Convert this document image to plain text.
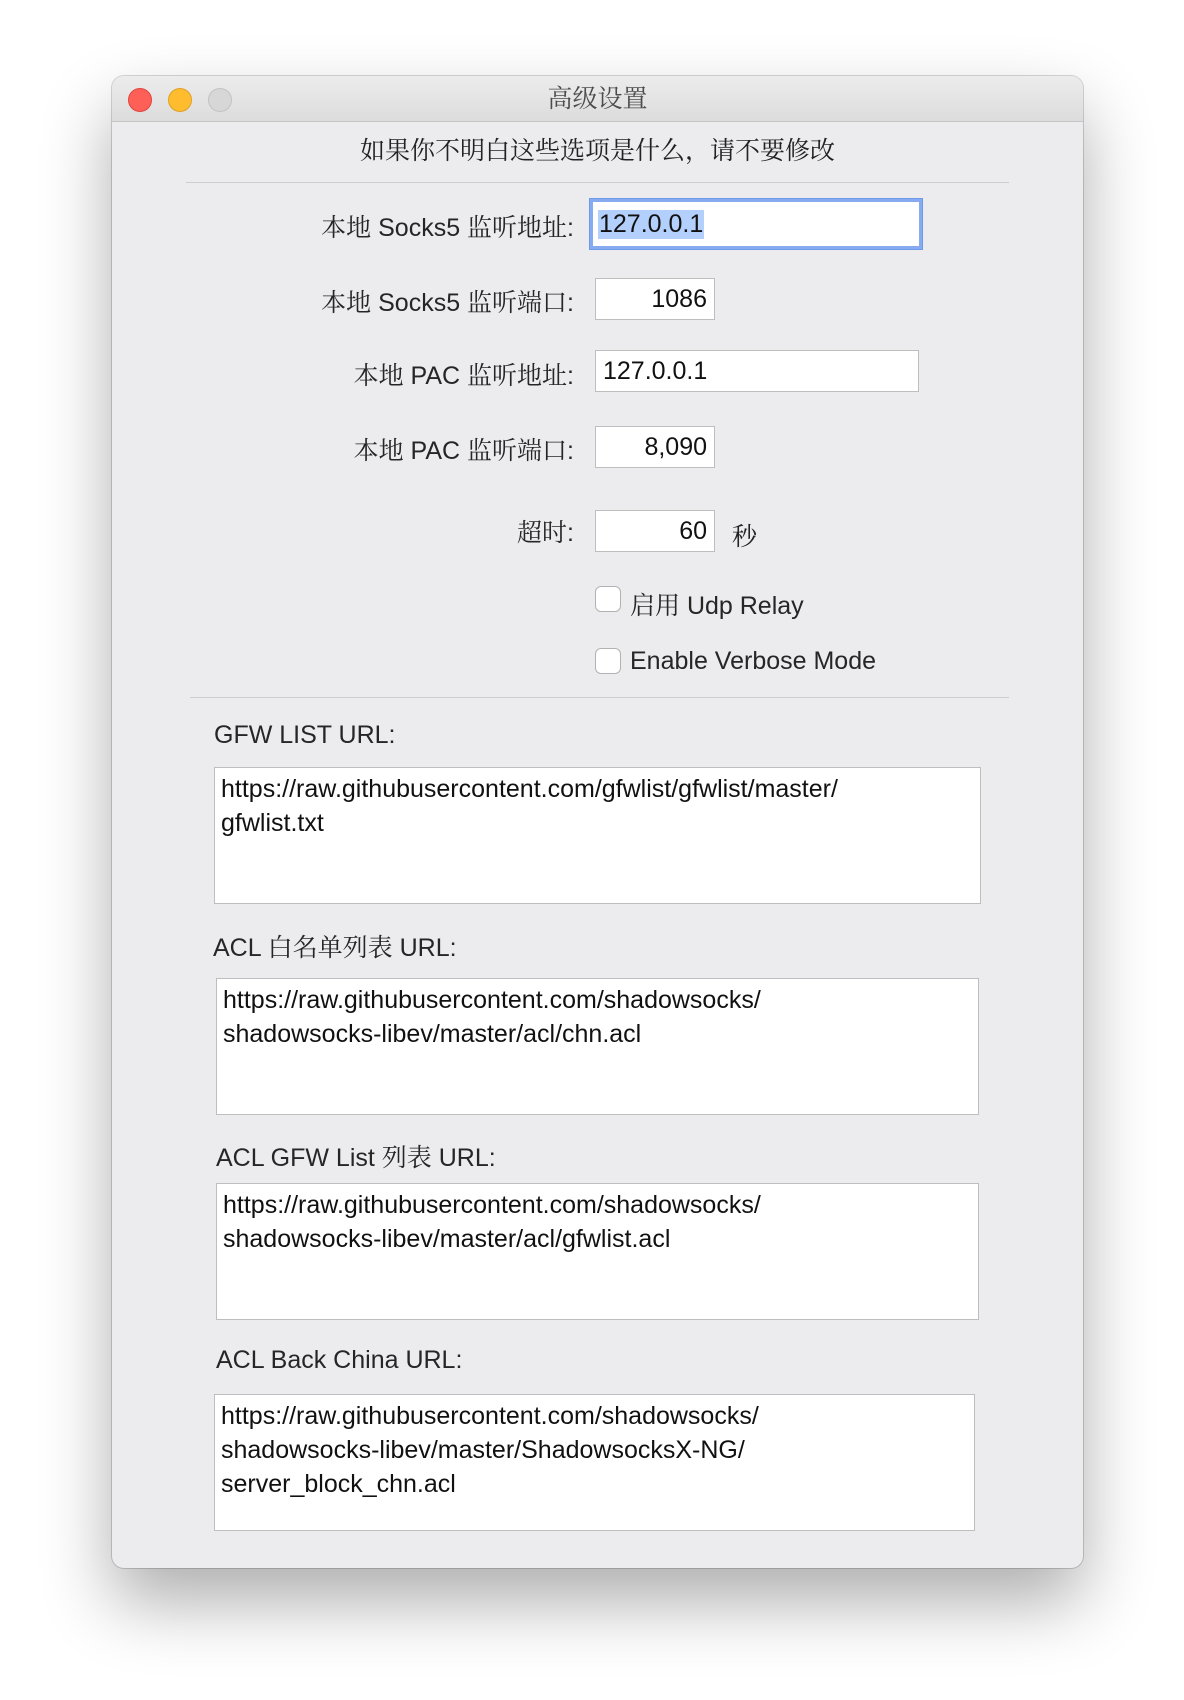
高级设置
如果你不明白这些选项是什么，请不要修改
本地 Socks5 监听地址: 127.0.0.1
本地 Socks5 监听端口:	1086
本地 PAC 监听地址: 127.0.0.1
本地 PAC 监听端口:	8,090
超时:	60 秒
启用 Udp Relay
Enable Verbose Mode
GFW LIST URL:
https://raw.githubusercontent.com/gfwlist/gfwlist/master/
gfwlist.txt
ACL 白名单列表 URL:
https://raw.githubusercontent.com/shadowsocks/
shadowsocks-libev/master/acl/chn.acl
ACL GFW List 列表 URL:
https://raw.githubusercontent.com/shadowsocks/
shadowsocks-libev/master/acl/gfwlist.acl
ACL Back China URL:
https://raw.githubusercontent.com/shadowsocks/
shadowsocks-libev/master/ShadowsocksX-NG/
server_block_chn.acl
